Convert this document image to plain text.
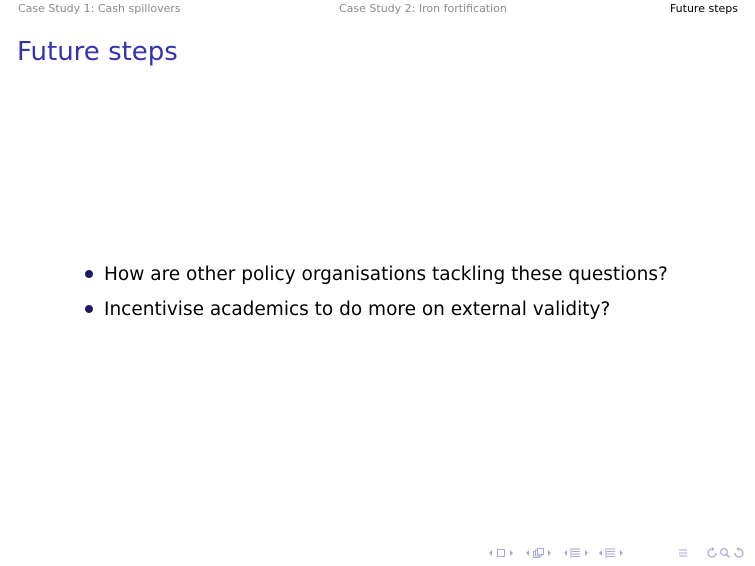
Case Study 1: Cash spillovers	Case Study 2: Iron fortification	Future steps
Future steps
How are other policy organisations tackling these questions?
Incentivise academics to do more on external validity?
